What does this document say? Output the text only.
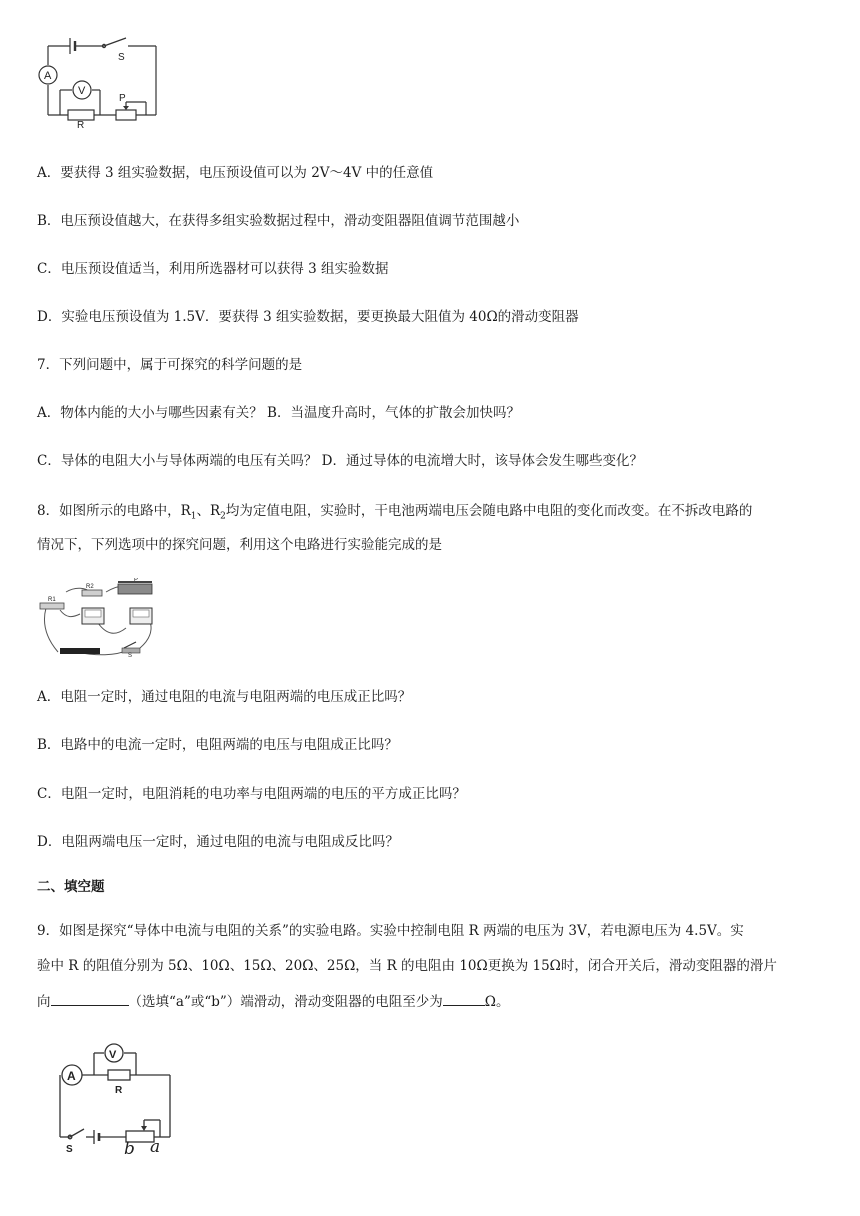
A
V
S
R
P
A．要获得 3 组实验数据，电压预设值可以为 2V～4V 中的任意值
B．电压预设值越大，在获得多组实验数据过程中，滑动变阻器阻值调节范围越小
C．电压预设值适当，利用所选器材可以获得 3 组实验数据
D．实验电压预设值为 1.5V．要获得 3 组实验数据，要更换最大阻值为 40Ω的滑动变阻器
7．下列问题中，属于可探究的科学问题的是
A．物体内能的大小与哪些因素有关？ B．当温度升高时，气体的扩散会加快吗？
C．导体的电阻大小与导体两端的电压有关吗？ D．通过导体的电流增大时，该导体会发生哪些变化？
8．如图所示的电路中，$R_1$、$R_2$均为定值电阻，实验时，干电池两端电压会随电路中电阻的变化而改变。在不拆改电路的
情况下，下列选项中的探究问题，利用这个电路进行实验能完成的是
R1
R2
P
S
A．电阻一定时，通过电阻的电流与电阻两端的电压成正比吗？
B．电路中的电流一定时，电阻两端的电压与电阻成正比吗？
C．电阻一定时，电阻消耗的电功率与电阻两端的电压的平方成正比吗？
D．电阻两端电压一定时，通过电阻的电流与电阻成反比吗？
二、填空题
9．如图是探究“导体中电流与电阻的关系”的实验电路。实验中控制电阻 R 两端的电压为 3V，若电源电压为 4.5V。实
验中 R 的阻值分别为 5Ω、10Ω、15Ω、20Ω、25Ω，当 R 的电阻由 10Ω更换为 15Ω时，闭合开关后，滑动变阻器的滑片
向	（选填“a”或“b”）端滑动，滑动变阻器的电阻至少为	Ω。
A
V
R
S	b a
